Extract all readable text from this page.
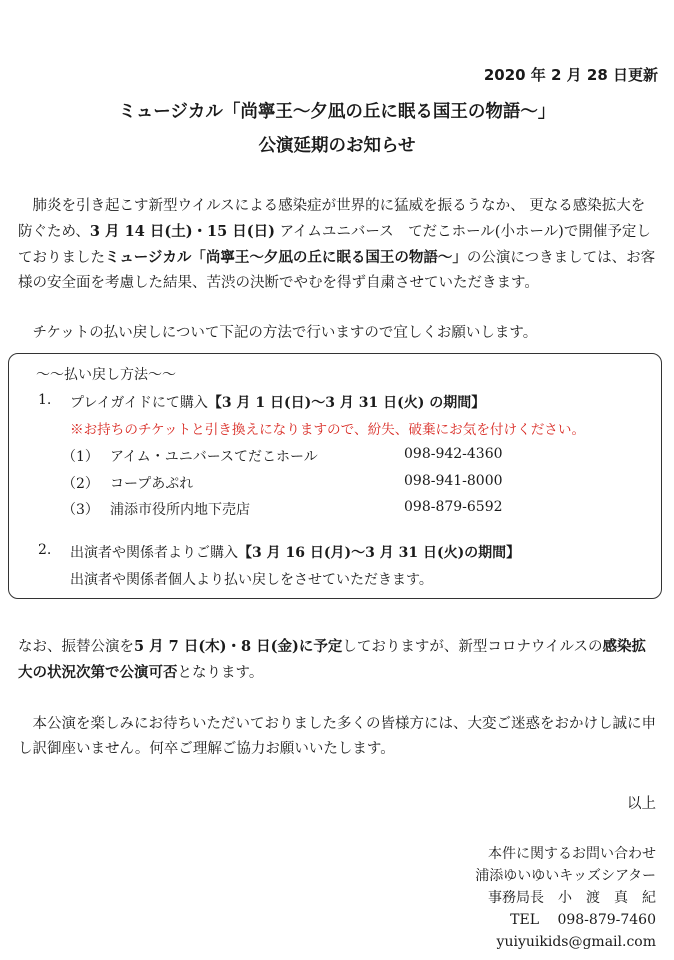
2020 年 2 月 28 日更新
ミュージカル「尚寧王〜夕凪の丘に眠る国王の物語〜」
公演延期のお知らせ
　肺炎を引き起こす新型ウイルスによる感染症が世界的に猛威を振るうなか、 更なる感染拡大を防ぐため、3 月 14 日(土)・15 日(日) アイムユニバース　てだこホール(小ホール)で開催予定しておりましたミュージカル「尚寧王〜夕凪の丘に眠る国王の物語〜」の公演につきましては、お客様の安全面を考慮した結果、苦渋の決断でやむを得ず自粛させていただきます。
　チケットの払い戻しについて下記の方法で行いますので宜しくお願いします。
〜〜払い戻し方法〜〜
1. プレイガイドにて購入【3 月 1 日(日)〜3 月 31 日(火) の期間】
※お持ちのチケットと引き換えになりますので、紛失、破棄にお気を付けください。
（1） アイム・ユニバースてだこホール	098-942-4360
（2） コープあぷれ	098-941-8000
（3） 浦添市役所内地下売店	098-879-6592
2. 出演者や関係者よりご購入【3 月 16 日(月)〜3 月 31 日(火)の期間】
出演者や関係者個人より払い戻しをさせていただきます。
なお、振替公演を5 月 7 日(木)・8 日(金)に予定しておりますが、新型コロナウイルスの感染拡大の状況次第で公演可否となります。
　本公演を楽しみにお待ちいただいておりました多くの皆様方には、大変ご迷惑をおかけし誠に申し訳御座いません。何卒ご理解ご協力お願いいたします。
以上
本件に関するお問い合わせ
浦添ゆいゆいキッズシアター
事務局長　小　渡　真　紀
TEL　 098-879-7460
yuiyuikids@gmail.com
